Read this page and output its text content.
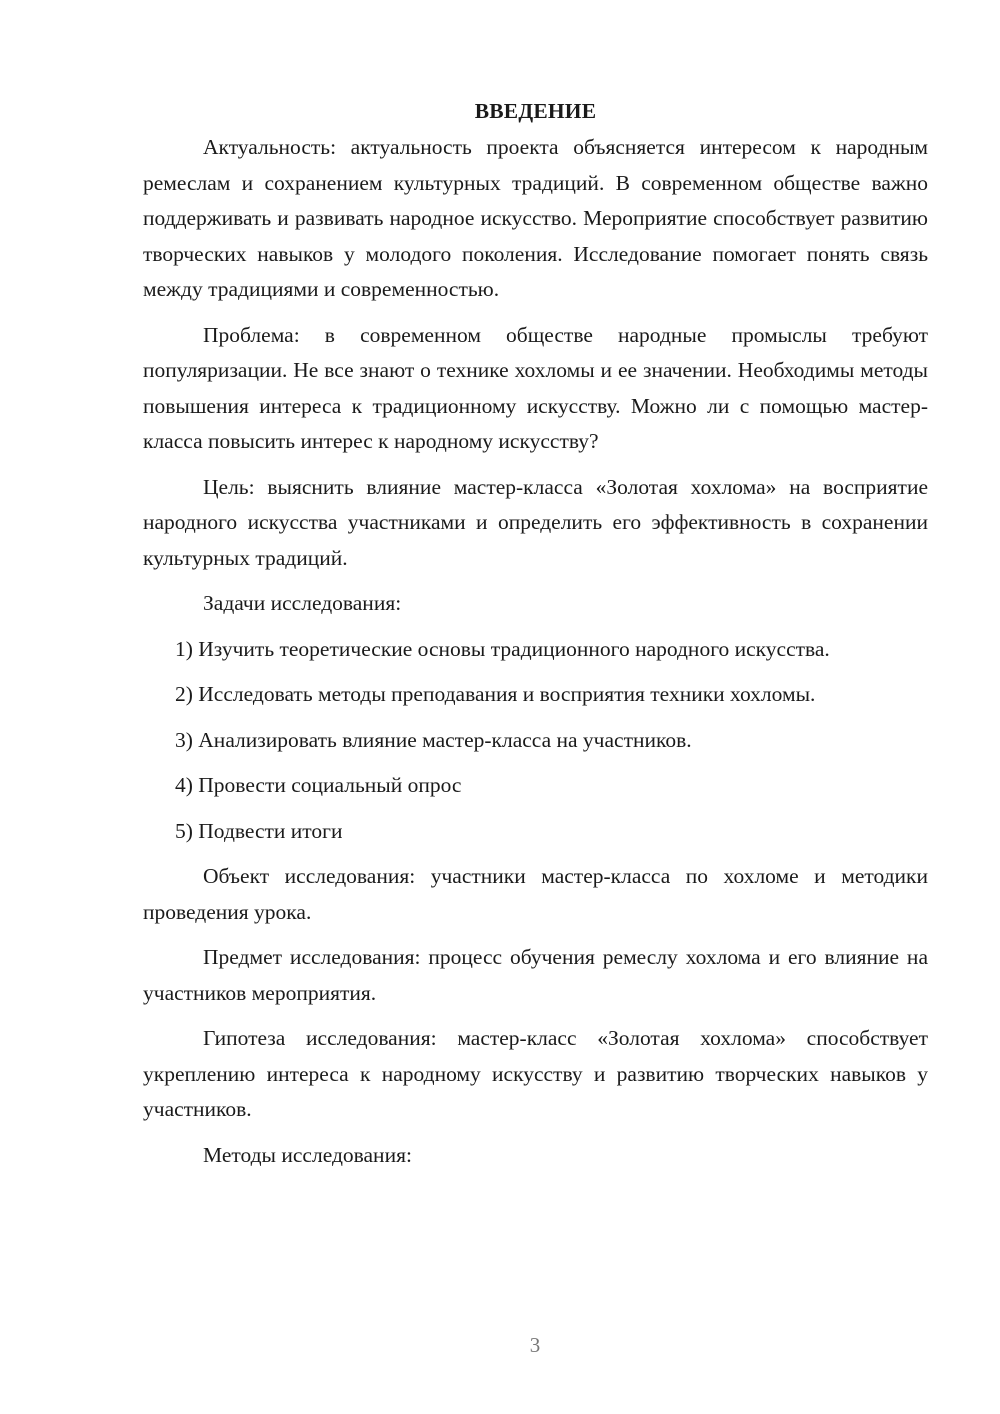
ВВЕДЕНИЕ

Актуальность: актуальность проекта объясняется интересом к народным ремеслам и сохранением культурных традиций. В современном обществе важно поддерживать и развивать народное искусство. Мероприятие способствует развитию творческих навыков у молодого поколения. Исследование помогает понять связь между традициями и современностью.

Проблема: в современном обществе народные промыслы требуют популяризации. Не все знают о технике хохломы и ее значении. Необходимы методы повышения интереса к традиционному искусству. Можно ли с помощью мастер-класса повысить интерес к народному искусству?

Цель: выяснить влияние мастер-класса «Золотая хохлома» на восприятие народного искусства участниками и определить его эффективность в сохранении культурных традиций.

Задачи исследования:

1) Изучить теоретические основы традиционного народного искусства.

2) Исследовать методы преподавания и восприятия техники хохломы.

3) Анализировать влияние мастер-класса на участников.

4) Провести социальный опрос

5) Подвести итоги

Объект исследования: участники мастер-класса по хохломе и методики проведения урока.

Предмет исследования: процесс обучения ремеслу хохлома и его влияние на участников мероприятия.

Гипотеза исследования: мастер-класс «Золотая хохлома» способствует укреплению интереса к народному искусству и развитию творческих навыков у участников.

Методы исследования:

3
